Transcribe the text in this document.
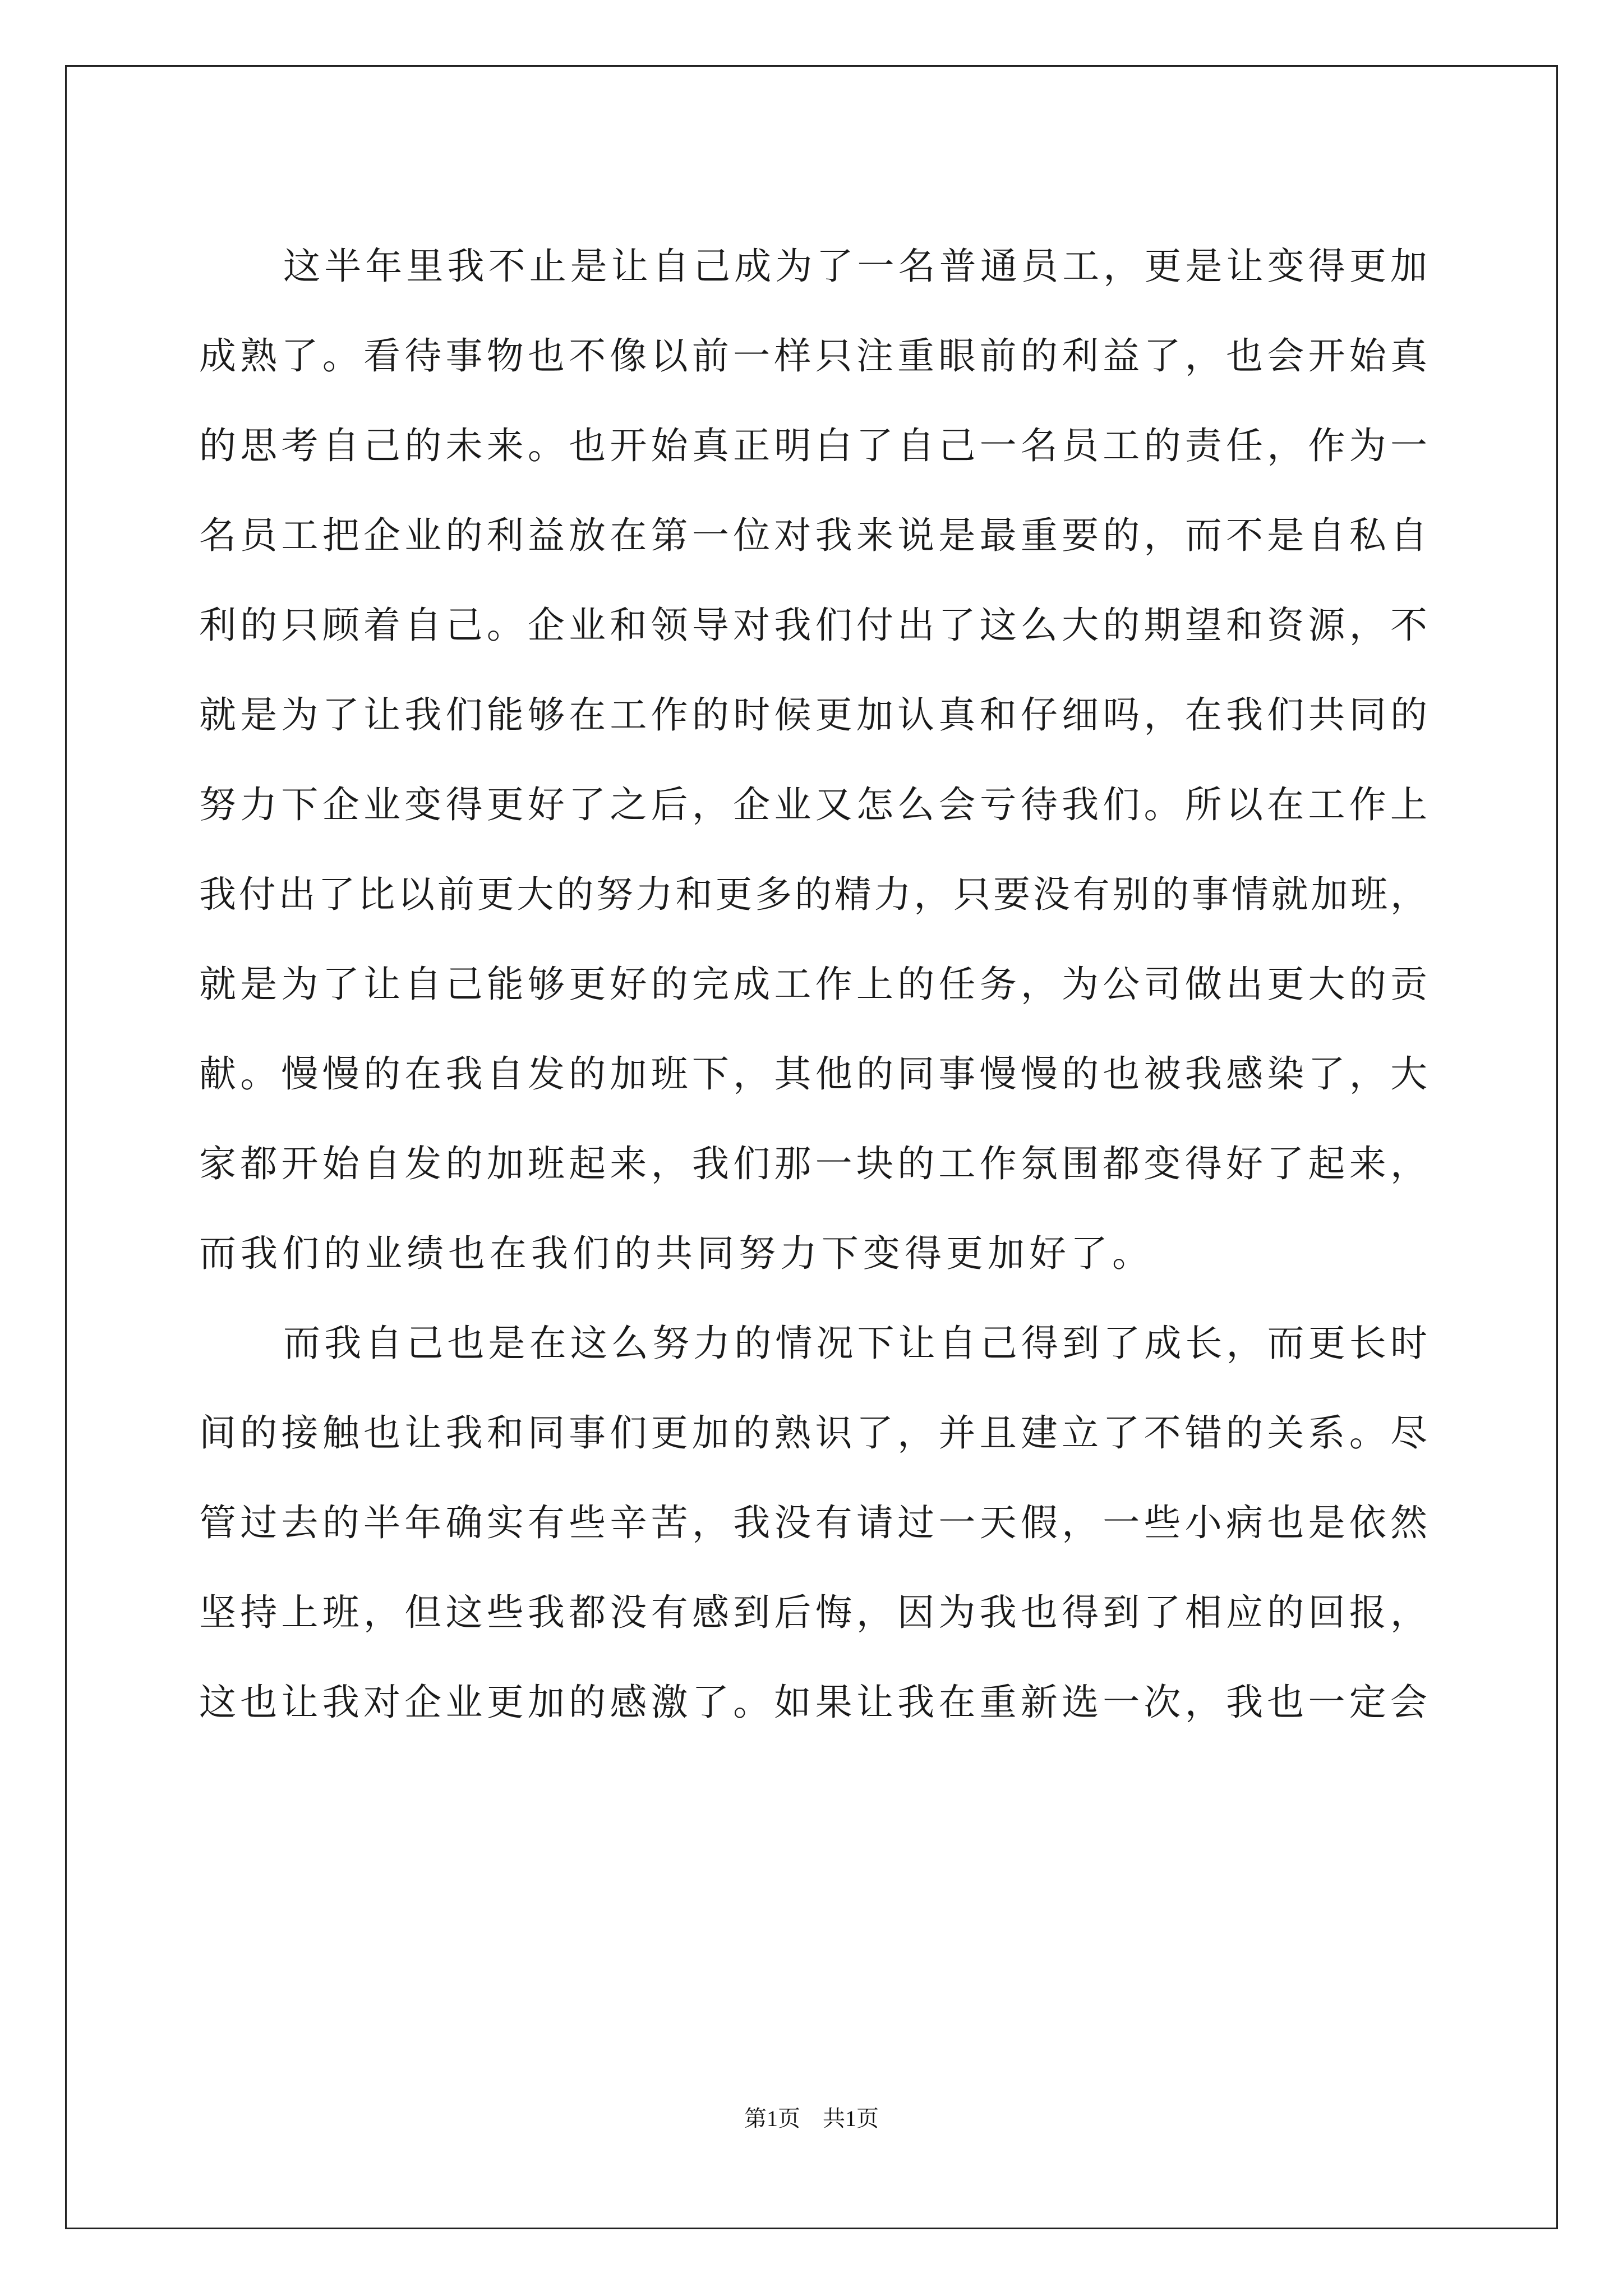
这半年里我不止是让自己成为了一名普通员工，更是让变得更加
成熟了。看待事物也不像以前一样只注重眼前的利益了，也会开始真
的思考自己的未来。也开始真正明白了自己一名员工的责任，作为一
名员工把企业的利益放在第一位对我来说是最重要的，而不是自私自
利的只顾着自己。企业和领导对我们付出了这么大的期望和资源，不
就是为了让我们能够在工作的时候更加认真和仔细吗，在我们共同的
努力下企业变得更好了之后，企业又怎么会亏待我们。所以在工作上
我付出了比以前更大的努力和更多的精力，只要没有别的事情就加班，
就是为了让自己能够更好的完成工作上的任务，为公司做出更大的贡
献。慢慢的在我自发的加班下，其他的同事慢慢的也被我感染了，大
家都开始自发的加班起来，我们那一块的工作氛围都变得好了起来，
而我们的业绩也在我们的共同努力下变得更加好了。
而我自己也是在这么努力的情况下让自己得到了成长，而更长时
间的接触也让我和同事们更加的熟识了，并且建立了不错的关系。尽
管过去的半年确实有些辛苦，我没有请过一天假，一些小病也是依然
坚持上班，但这些我都没有感到后悔，因为我也得到了相应的回报，
这也让我对企业更加的感激了。如果让我在重新选一次，我也一定会
第1页 共1页
